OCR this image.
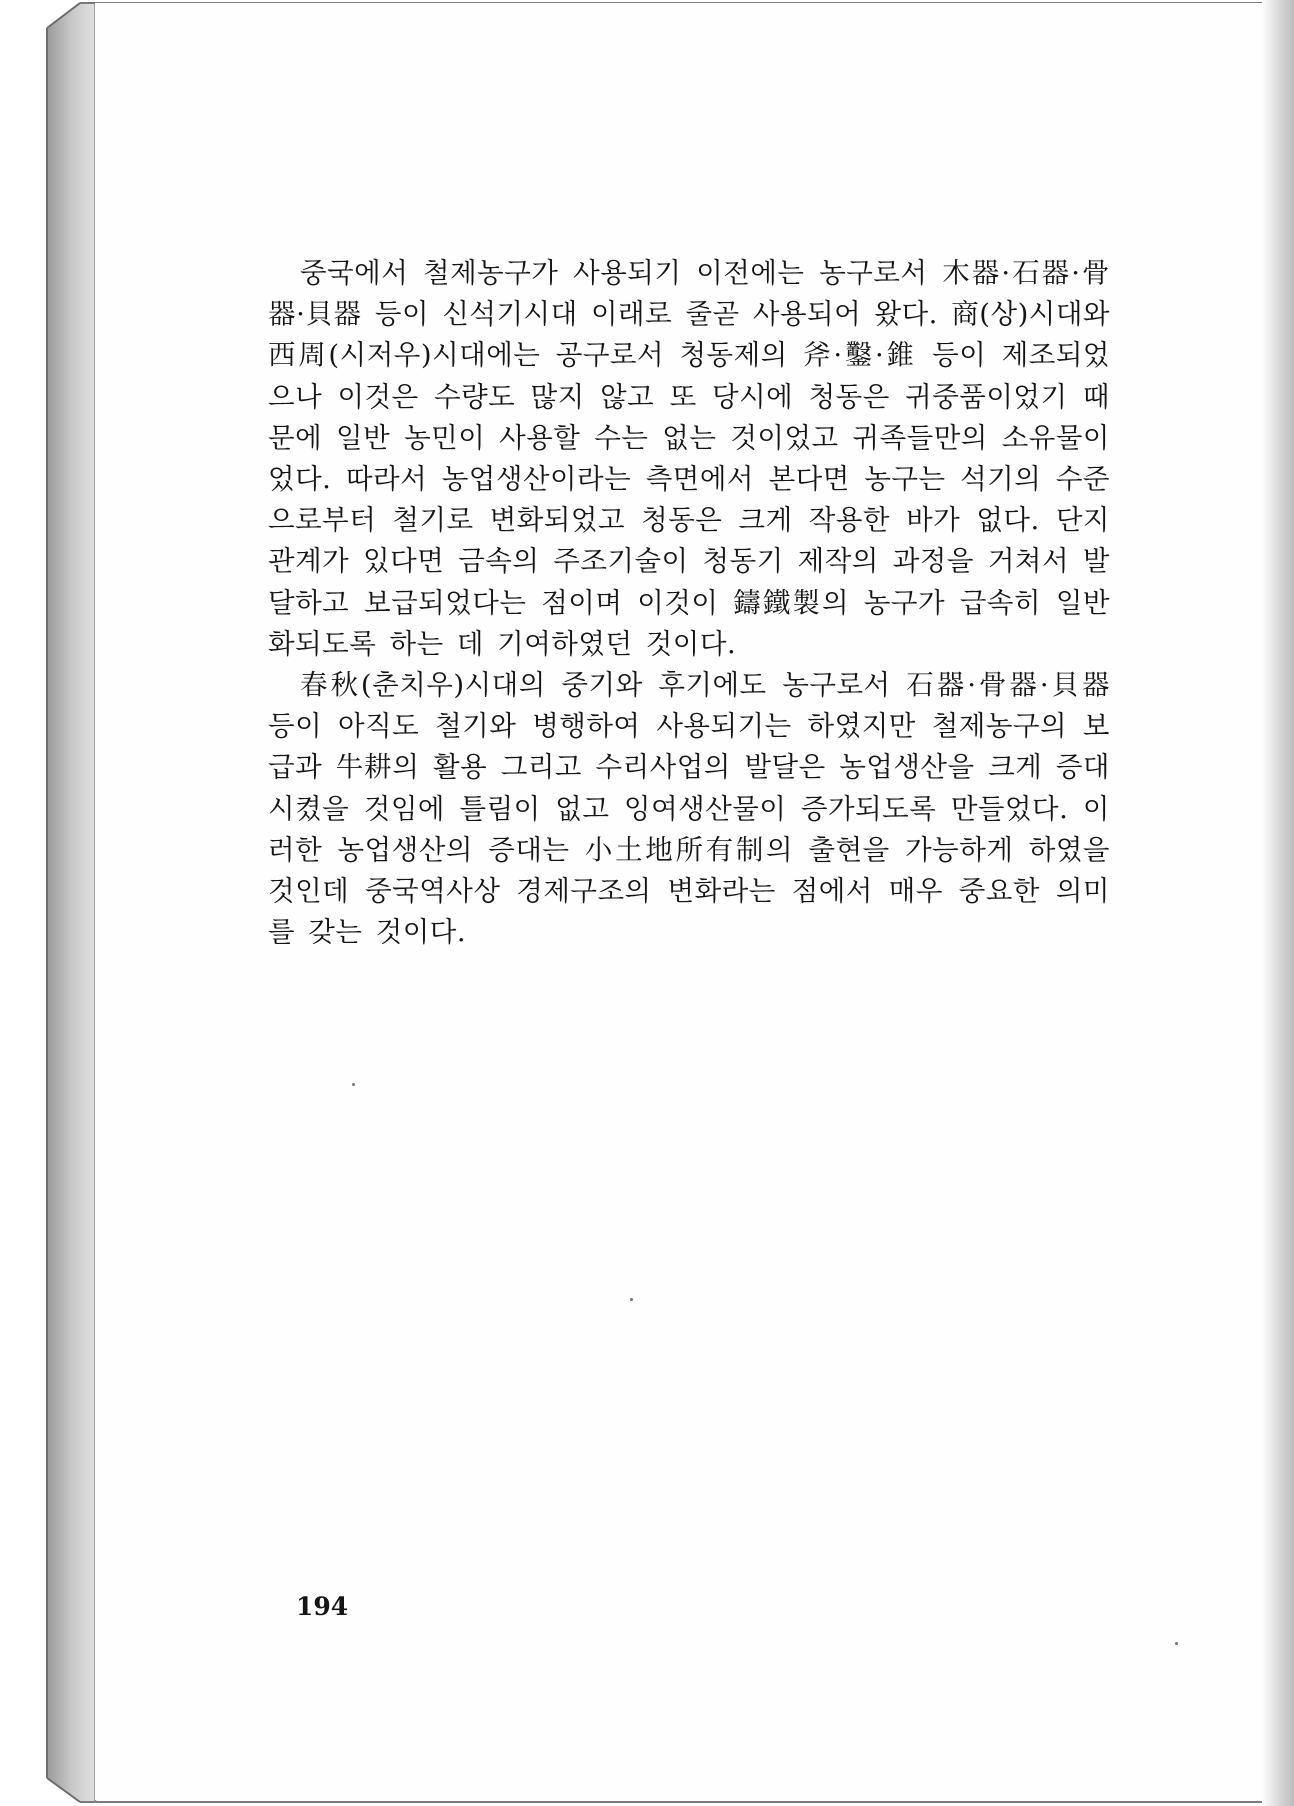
중국에서 철제농구가 사용되기 이전에는 농구로서 木器·石器·骨器·貝器 등이 신석기시대 이래로 줄곧 사용되어 왔다. 商(상)시대와 西周(시저우)시대에는 공구로서 청동제의 斧·鑿·錐 등이 제조되었으나 이것은 수량도 많지 않고 또 당시에 청동은 귀중품이었기 때문에 일반 농민이 사용할 수는 없는 것이었고 귀족들만의 소유물이었다. 따라서 농업생산이라는 측면에서 본다면 농구는 석기의 수준으로부터 철기로 변화되었고 청동은 크게 작용한 바가 없다. 단지 관계가 있다면 금속의 주조기술이 청동기 제작의 과정을 거쳐서 발달하고 보급되었다는 점이며 이것이 鑄鐵製의 농구가 급속히 일반화되도록 하는 데 기여하였던 것이다.

春秋(춘치우)시대의 중기와 후기에도 농구로서 石器·骨器·貝器 등이 아직도 철기와 병행하여 사용되기는 하였지만 철제농구의 보급과 牛耕의 활용 그리고 수리사업의 발달은 농업생산을 크게 증대시켰을 것임에 틀림이 없고 잉여생산물이 증가되도록 만들었다. 이러한 농업생산의 증대는 小土地所有制의 출현을 가능하게 하였을 것인데 중국역사상 경제구조의 변화라는 점에서 매우 중요한 의미를 갖는 것이다.

194
